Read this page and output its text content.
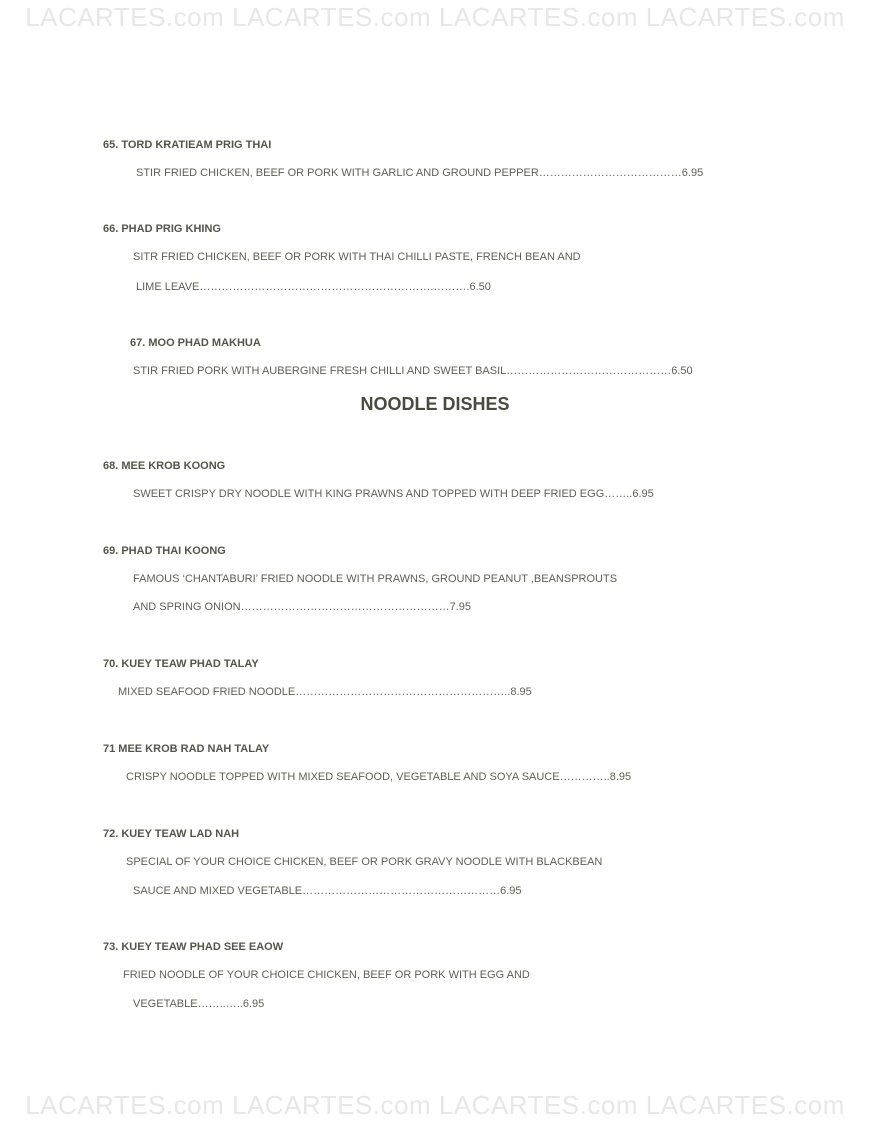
LACARTES.com LACARTES.com LACARTES.com LACARTES.com
65. TORD KRATIEAM PRIG THAI
STIR FRIED CHICKEN, BEEF OR PORK WITH GARLIC AND GROUND PEPPER…………………………………6.95
66. PHAD PRIG KHING
SITR FRIED CHICKEN, BEEF OR PORK WITH THAI CHILLI PASTE, FRENCH BEAN AND
LIME LEAVE……………………………………………………….……….6.50
67. MOO PHAD MAKHUA
STIR FRIED PORK WITH AUBERGINE FRESH CHILLI AND SWEET BASIL………………………………………6.50
NOODLE DISHES
68. MEE KROB KOONG
SWEET CRISPY DRY NOODLE WITH KING PRAWNS AND TOPPED WITH DEEP FRIED EGG……..6.95
69. PHAD THAI KOONG
FAMOUS ‘CHANTABURI’ FRIED NOODLE WITH PRAWNS, GROUND PEANUT ,BEANSPROUTS
AND SPRING ONION…………………………………………………7.95
70. KUEY TEAW PHAD TALAY
MIXED SEAFOOD FRIED NOODLE…………………………………………………..8.95
71 MEE KROB RAD NAH TALAY
CRISPY NOODLE TOPPED WITH MIXED SEAFOOD, VEGETABLE AND SOYA SAUCE…………..8.95
72. KUEY TEAW LAD NAH
SPECIAL OF YOUR CHOICE CHICKEN, BEEF OR PORK GRAVY NOODLE WITH BLACKBEAN
SAUCE AND MIXED VEGETABLE………………………………………………6.95
73. KUEY TEAW PHAD SEE EAOW
FRIED NOODLE OF YOUR CHOICE CHICKEN, BEEF OR PORK WITH EGG AND
VEGETABLE……..…..6.95
LACARTES.com LACARTES.com LACARTES.com LACARTES.com
